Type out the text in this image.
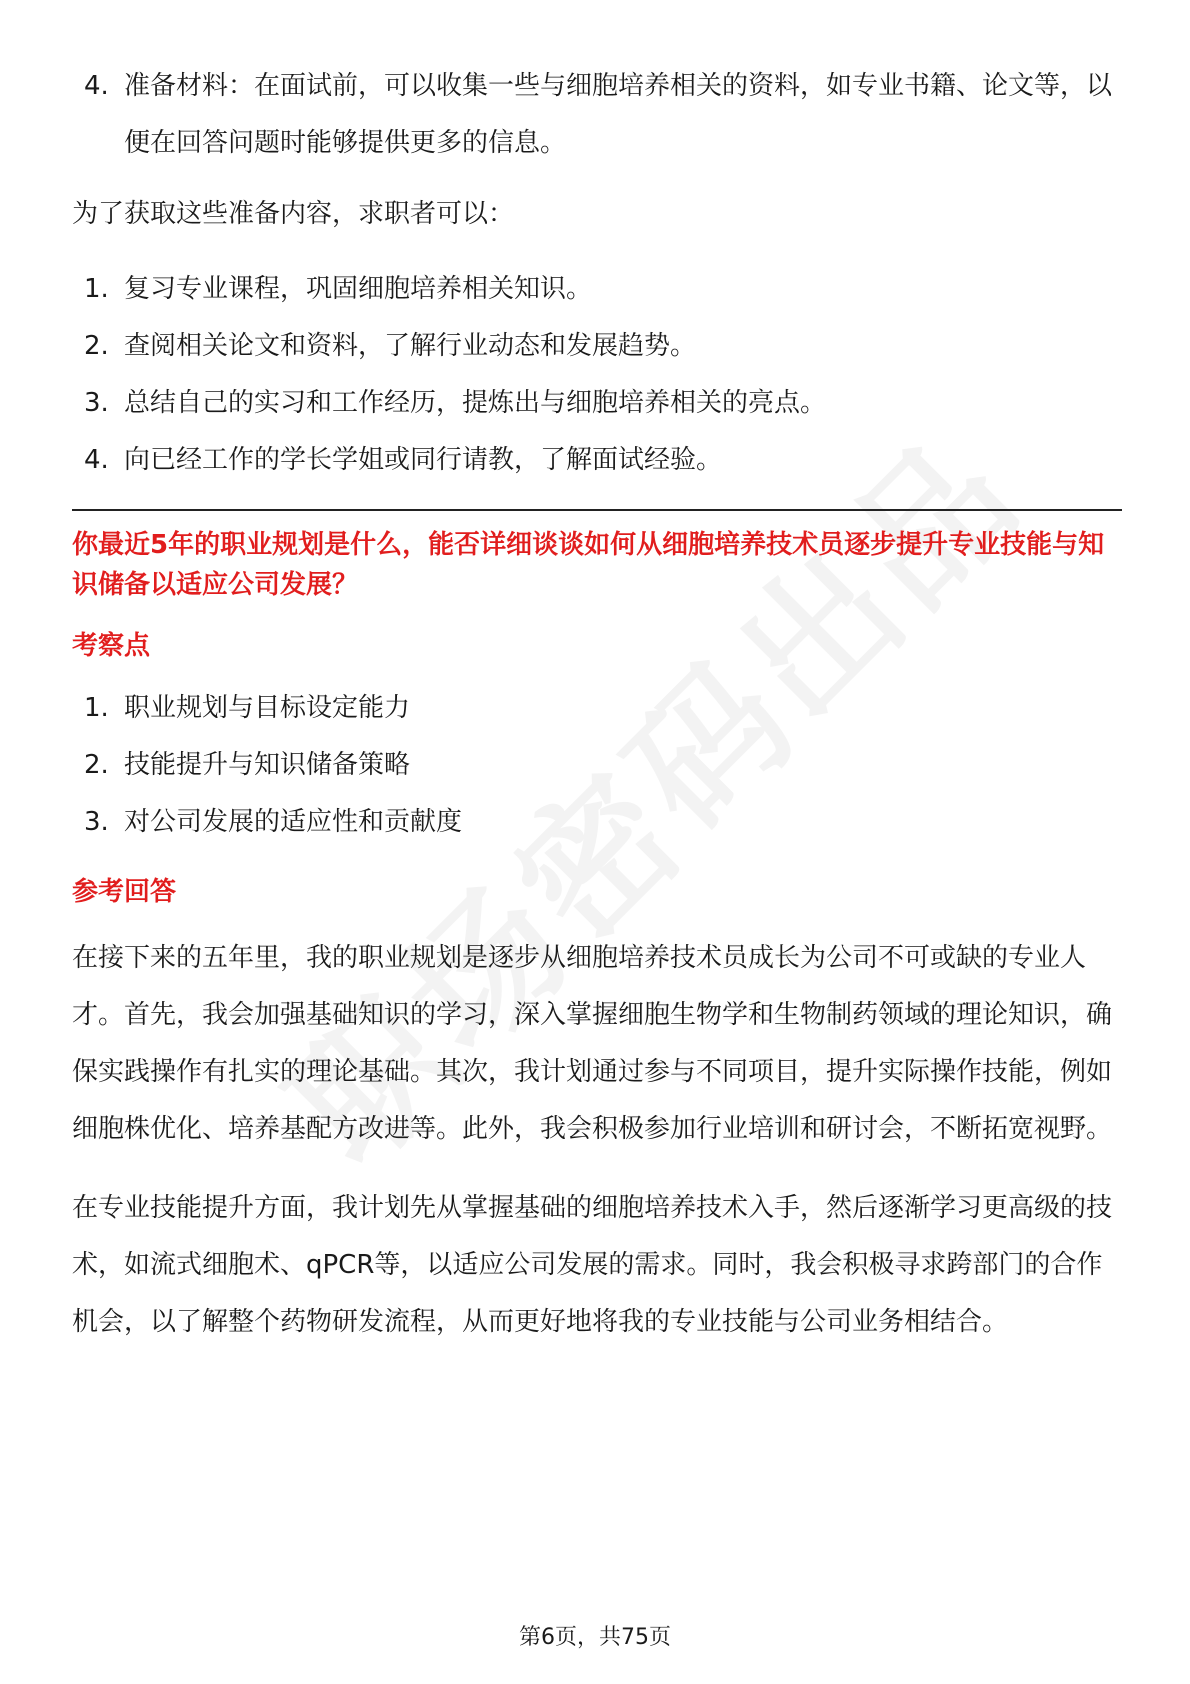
4. 准备材料：在面试前，可以收集一些与细胞培养相关的资料，如专业书籍、论文等，以便在回答问题时能够提供更多的信息。

为了获取这些准备内容，求职者可以：

1. 复习专业课程，巩固细胞培养相关知识。
2. 查阅相关论文和资料，了解行业动态和发展趋势。
3. 总结自己的实习和工作经历，提炼出与细胞培养相关的亮点。
4. 向已经工作的学长学姐或同行请教，了解面试经验。

你最近5年的职业规划是什么，能否详细谈谈如何从细胞培养技术员逐步提升专业技能与知识储备以适应公司发展？

考察点

1. 职业规划与目标设定能力
2. 技能提升与知识储备策略
3. 对公司发展的适应性和贡献度

参考回答

在接下来的五年里，我的职业规划是逐步从细胞培养技术员成长为公司不可或缺的专业人才。首先，我会加强基础知识的学习，深入掌握细胞生物学和生物制药领域的理论知识，确保实践操作有扎实的理论基础。其次，我计划通过参与不同项目，提升实际操作技能，例如细胞株优化、培养基配方改进等。此外，我会积极参加行业培训和研讨会，不断拓宽视野。

在专业技能提升方面，我计划先从掌握基础的细胞培养技术入手，然后逐渐学习更高级的技术，如流式细胞术、qPCR等，以适应公司发展的需求。同时，我会积极寻求跨部门的合作机会，以了解整个药物研发流程，从而更好地将我的专业技能与公司业务相结合。

第6页，共75页
